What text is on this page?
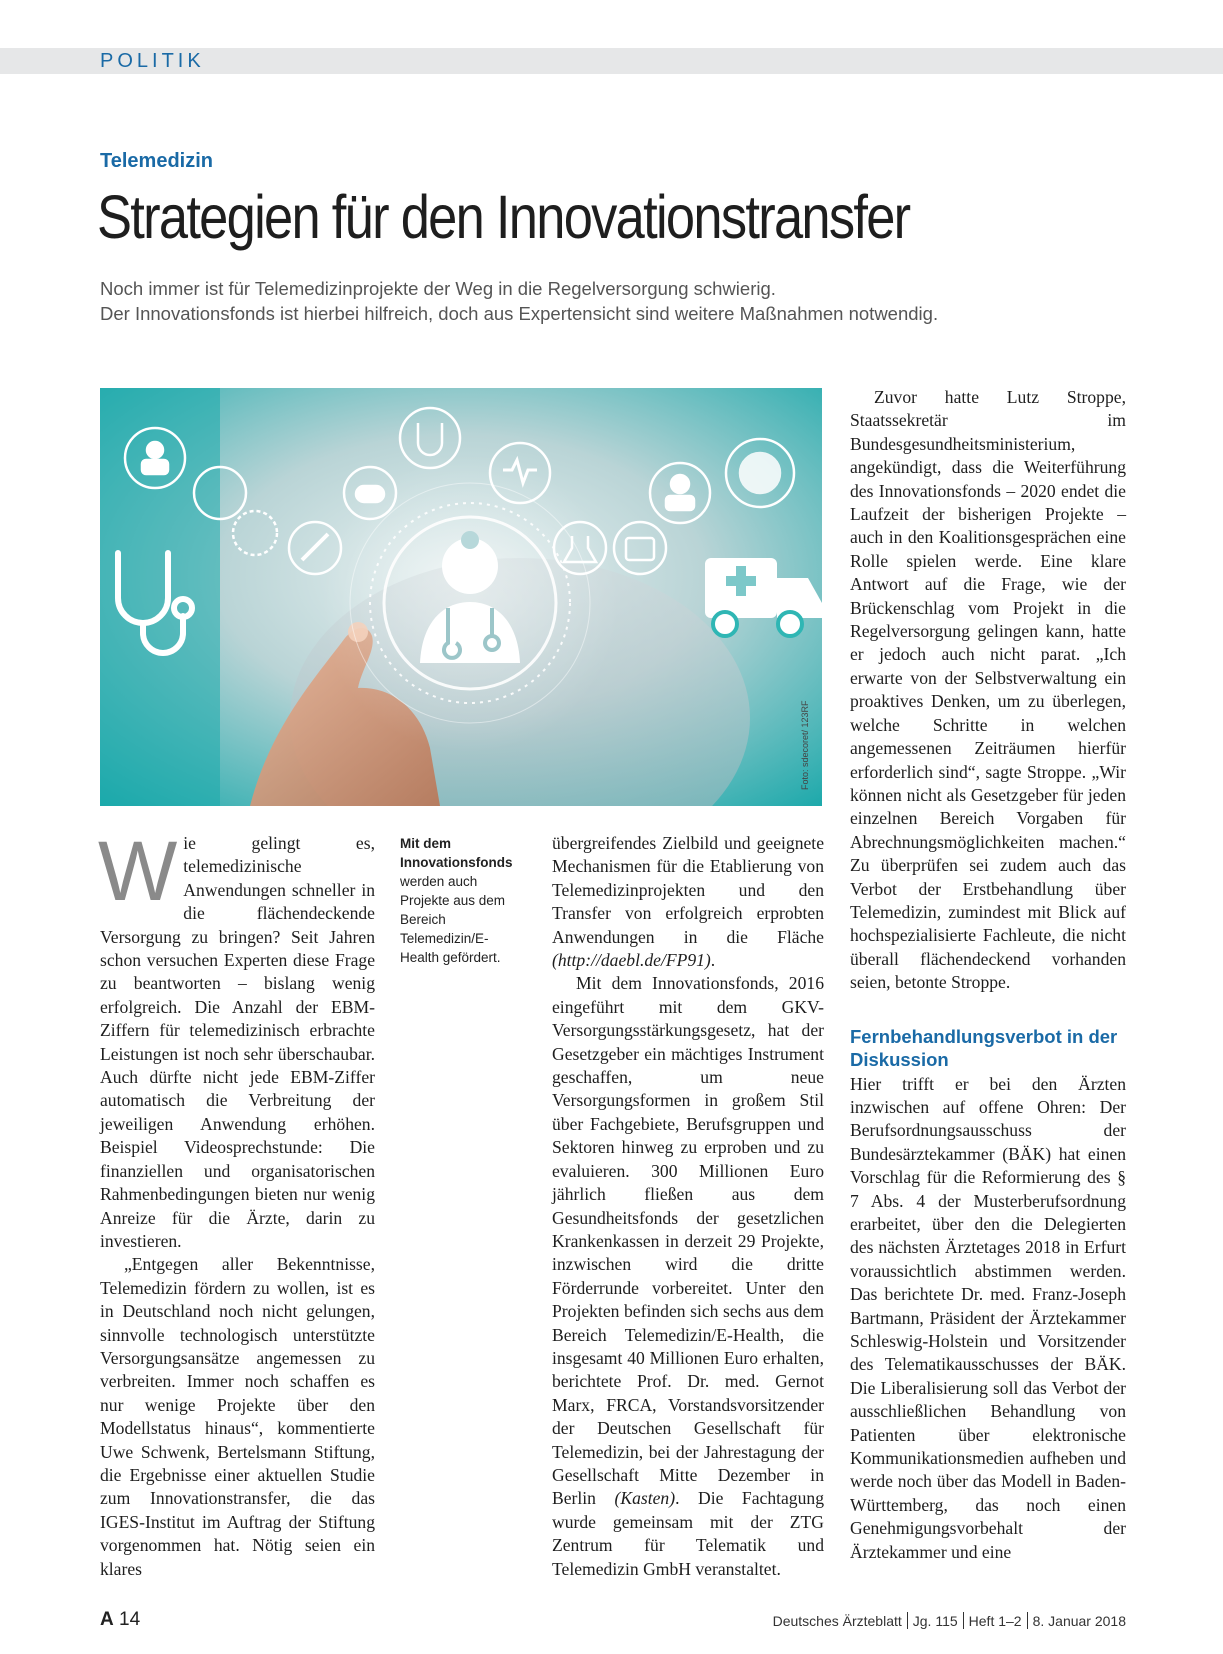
POLITIK
Telemedizin
Strategien für den Innovationstransfer
Noch immer ist für Telemedizinprojekte der Weg in die Regelversorgung schwierig.
Der Innovationsfonds ist hierbei hilfreich, doch aus Expertensicht sind weitere Maßnahmen notwendig.
Foto: sdecoret/ 123RF
W ie gelingt es, telemedizinische Anwendungen schneller in die flächendeckende Versorgung zu bringen? Seit Jahren schon versuchen Experten diese Frage zu beantworten – bislang wenig erfolgreich. Die Anzahl der EBM-Ziffern für telemedizinisch erbrachte Leistungen ist noch sehr überschaubar. Auch dürfte nicht jede EBM-Ziffer automatisch die Verbreitung der jeweiligen Anwendung erhöhen. Beispiel Videosprechstunde: Die finanziellen und organisatorischen Rahmenbedingungen bieten nur wenig Anreize für die Ärzte, darin zu investieren.

„Entgegen aller Bekenntnisse, Telemedizin fördern zu wollen, ist es in Deutschland noch nicht gelungen, sinnvolle technologisch unterstützte Versorgungsansätze angemessen zu verbreiten. Immer noch schaffen es nur wenige Projekte über den Modellstatus hinaus“, kommentierte Uwe Schwenk, Bertelsmann Stiftung, die Ergebnisse einer aktuellen Studie zum Innovationstransfer, die das IGES-Institut im Auftrag der Stiftung vorgenommen hat. Nötig seien ein klares

Mit dem Innovationsfonds werden auch Projekte aus dem Bereich Telemedizin/E-Health gefördert.

übergreifendes Zielbild und geeignete Mechanismen für die Etablierung von Telemedizinprojekten und den Transfer von erfolgreich erprobten Anwendungen in die Fläche (http://daebl.de/FP91).

Mit dem Innovationsfonds, 2016 eingeführt mit dem GKV-Versorgungsstärkungsgesetz, hat der Gesetzgeber ein mächtiges Instrument geschaffen, um neue Versorgungsformen in großem Stil über Fachgebiete, Berufsgruppen und Sektoren hinweg zu erproben und zu evaluieren. 300 Millionen Euro jährlich fließen aus dem Gesundheitsfonds der gesetzlichen Krankenkassen in derzeit 29 Projekte, inzwischen wird die dritte Förderrunde vorbereitet. Unter den Projekten befinden sich sechs aus dem Bereich Telemedizin/E-Health, die insgesamt 40 Millionen Euro erhalten, berichtete Prof. Dr. med. Gernot Marx, FRCA, Vorstandsvorsitzender der Deutschen Gesellschaft für Telemedizin, bei der Jahrestagung der Gesellschaft Mitte Dezember in Berlin (Kasten). Die Fachtagung wurde gemeinsam mit der ZTG Zentrum für Telematik und Telemedizin GmbH veranstaltet.

Zuvor hatte Lutz Stroppe, Staatssekretär im Bundesgesundheitsministerium, angekündigt, dass die Weiterführung des Innovationsfonds – 2020 endet die Laufzeit der bisherigen Projekte – auch in den Koalitionsgesprächen eine Rolle spielen werde. Eine klare Antwort auf die Frage, wie der Brückenschlag vom Projekt in die Regelversorgung gelingen kann, hatte er jedoch auch nicht parat. „Ich erwarte von der Selbstverwaltung ein proaktives Denken, um zu überlegen, welche Schritte in welchen angemessenen Zeiträumen hierfür erforderlich sind“, sagte Stroppe. „Wir können nicht als Gesetzgeber für jeden einzelnen Bereich Vorgaben für Abrechnungsmöglichkeiten machen.“ Zu überprüfen sei zudem auch das Verbot der Erstbehandlung über Telemedizin, zumindest mit Blick auf hochspezialisierte Fachleute, die nicht überall flächendeckend vorhanden seien, betonte Stroppe.

Fernbehandlungsverbot in der Diskussion

Hier trifft er bei den Ärzten inzwischen auf offene Ohren: Der Berufsordnungsausschuss der Bundesärztekammer (BÄK) hat einen Vorschlag für die Reformierung des § 7 Abs. 4 der Musterberufsordnung erarbeitet, über den die Delegierten des nächsten Ärztetages 2018 in Erfurt voraussichtlich abstimmen werden. Das berichtete Dr. med. Franz-Joseph Bartmann, Präsident der Ärztekammer Schleswig-Holstein und Vorsitzender des Telematikausschusses der BÄK. Die Liberalisierung soll das Verbot der ausschließlichen Behandlung von Patienten über elektronische Kommunikationsmedien aufheben und werde noch über das Modell in Baden-Württemberg, das noch einen Genehmigungsvorbehalt der Ärztekammer und eine

A 14	Deutsches Ärzteblatt Jg. 115 Heft 1–2 8. Januar 2018
